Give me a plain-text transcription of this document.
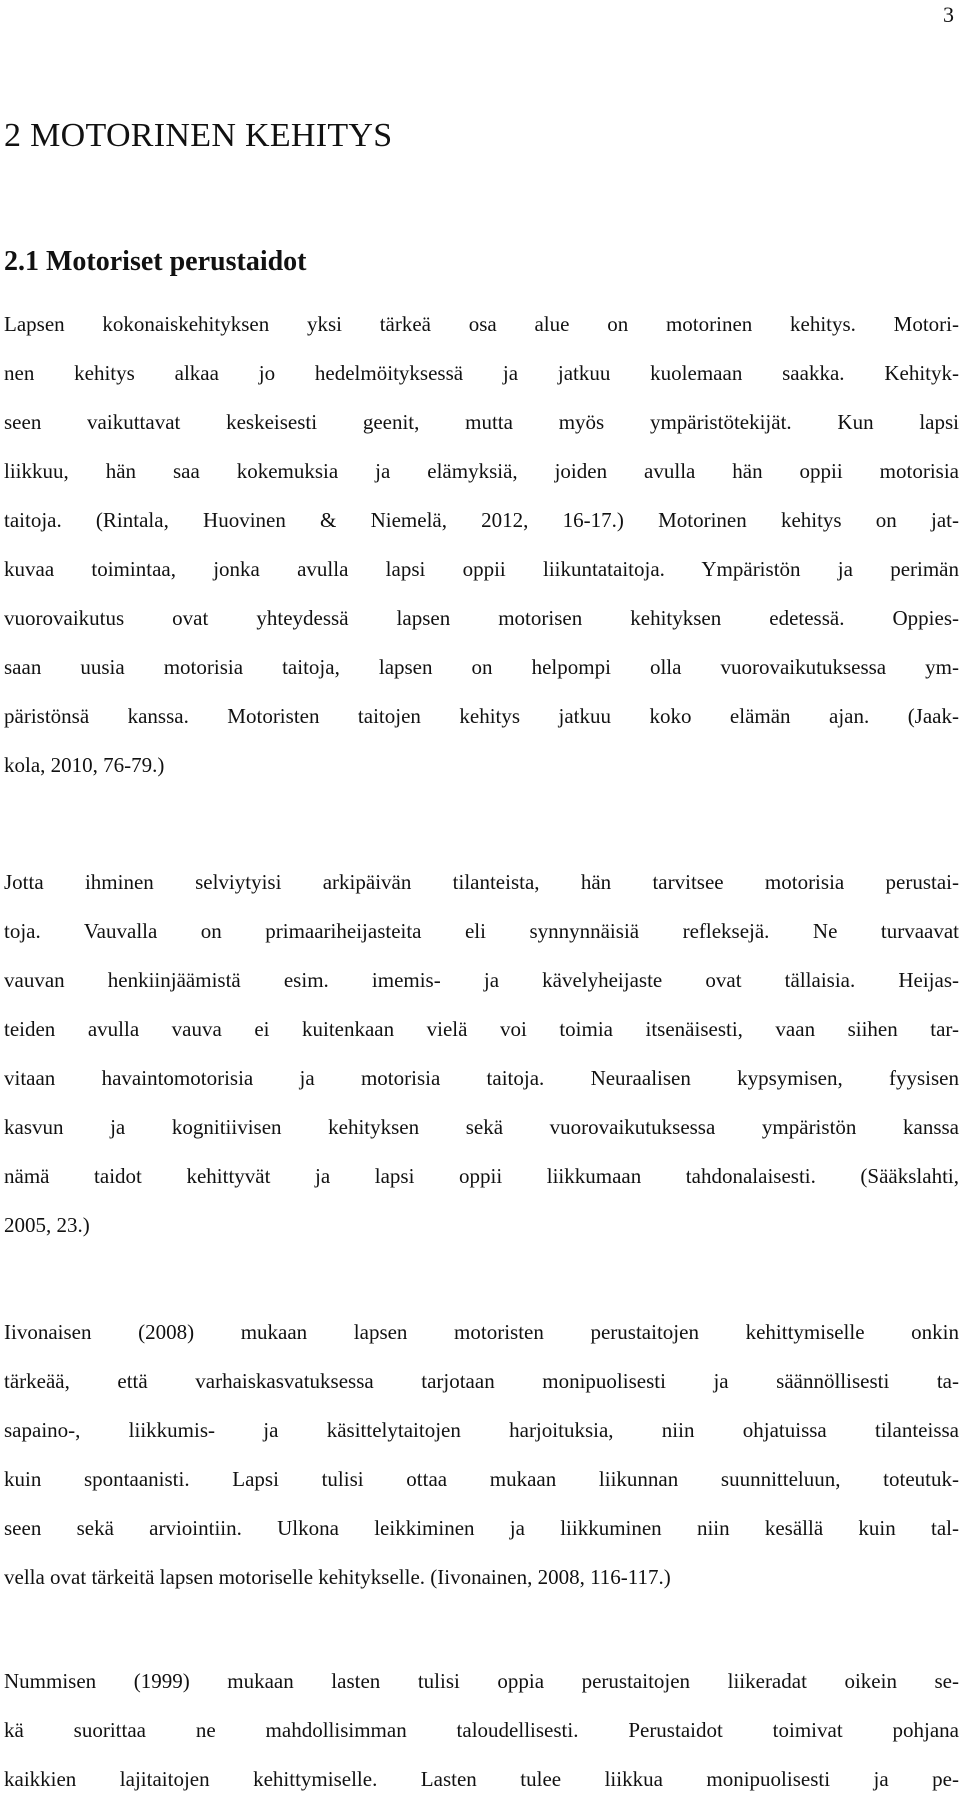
3
2 MOTORINEN KEHITYS
2.1 Motoriset perustaidot
Lapsen kokonaiskehityksen yksi tärkeä osa alue on motorinen kehitys. Motori-
nen kehitys alkaa jo hedelmöityksessä ja jatkuu kuolemaan saakka. Kehityk-
seen vaikuttavat keskeisesti geenit, mutta myös ympäristötekijät. Kun lapsi
liikkuu, hän saa kokemuksia ja elämyksiä, joiden avulla hän oppii motorisia
taitoja. (Rintala, Huovinen & Niemelä, 2012, 16-17.) Motorinen kehitys on jat-
kuvaa toimintaa, jonka avulla lapsi oppii liikuntataitoja. Ympäristön ja perimän
vuorovaikutus ovat yhteydessä lapsen motorisen kehityksen edetessä. Oppies-
saan uusia motorisia taitoja, lapsen on helpompi olla vuorovaikutuksessa ym-
päristönsä kanssa. Motoristen taitojen kehitys jatkuu koko elämän ajan. (Jaak-
kola, 2010, 76-79.)
Jotta ihminen selviytyisi arkipäivän tilanteista, hän tarvitsee motorisia perustai-
toja. Vauvalla on primaariheijasteita eli synnynnäisiä refleksejä. Ne turvaavat
vauvan henkiinjäämistä esim. imemis- ja kävelyheijaste ovat tällaisia. Heijas-
teiden avulla vauva ei kuitenkaan vielä voi toimia itsenäisesti, vaan siihen tar-
vitaan havaintomotorisia ja motorisia taitoja. Neuraalisen kypsymisen, fyysisen
kasvun ja kognitiivisen kehityksen sekä vuorovaikutuksessa ympäristön kanssa
nämä taidot kehittyvät ja lapsi oppii liikkumaan tahdonalaisesti. (Sääkslahti,
2005, 23.)
Iivonaisen (2008) mukaan lapsen motoristen perustaitojen kehittymiselle onkin
tärkeää, että varhaiskasvatuksessa tarjotaan monipuolisesti ja säännöllisesti ta-
sapaino-, liikkumis- ja käsittelytaitojen harjoituksia, niin ohjatuissa tilanteissa
kuin spontaanisti. Lapsi tulisi ottaa mukaan liikunnan suunnitteluun, toteutuk-
seen sekä arviointiin. Ulkona leikkiminen ja liikkuminen niin kesällä kuin tal-
vella ovat tärkeitä lapsen motoriselle kehitykselle. (Iivonainen, 2008, 116-117.)
Nummisen (1999) mukaan lasten tulisi oppia perustaitojen liikeradat oikein se-
kä suorittaa ne mahdollisimman taloudellisesti. Perustaidot toimivat pohjana
kaikkien lajitaitojen kehittymiselle. Lasten tulee liikkua monipuolisesti ja pe-
